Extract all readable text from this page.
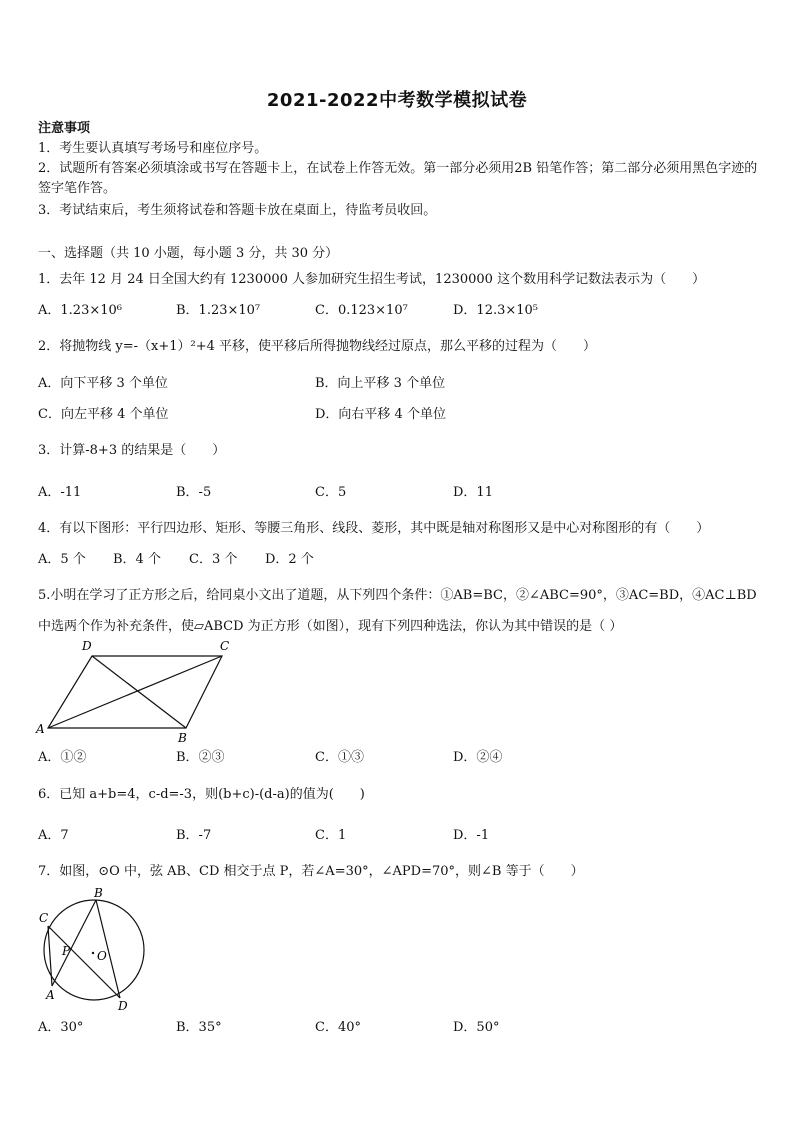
2021-2022中考数学模拟试卷
注意事项
1．考生要认真填写考场号和座位序号。
2．试题所有答案必须填涂或书写在答题卡上，在试卷上作答无效。第一部分必须用2B 铅笔作答；第二部分必须用黑色字迹的签字笔作答。
3．考试结束后，考生须将试卷和答题卡放在桌面上，待监考员收回。
一、选择题（共 10 小题，每小题 3 分，共 30 分）
1．去年 12 月 24 日全国大约有 1230000 人参加研究生招生考试，1230000 这个数用科学记数法表示为（　　）
A．1.23×10⁶	B．1.23×10⁷	C．0.123×10⁷	D．12.3×10⁵
2．将抛物线 y=-（x+1）²+4 平移，使平移后所得抛物线经过原点，那么平移的过程为（　　）
A．向下平移 3 个单位	B．向上平移 3 个单位
C．向左平移 4 个单位	D．向右平移 4 个单位
3．计算-8+3 的结果是（　　）
A．-11	B．-5	C．5	D．11
4．有以下图形：平行四边形、矩形、等腰三角形、线段、菱形，其中既是轴对称图形又是中心对称图形的有（　　）
A．5 个 B．4 个 C．3 个 D．2 个
5.小明在学习了正方形之后，给同桌小文出了道题，从下列四个条件：①AB=BC，②∠ABC=90°，③AC=BD，④AC⊥BD 中选两个作为补充条件，使▱ABCD 为正方形（如图），现有下列四种选法，你认为其中错误的是（ ）
D	C
A
B
A．①②	B．②③	C．①③	D．②④
6．已知 a+b=4，c-d=-3，则(b+c)-(d-a)的值为(　　)
A．7	B．-7	C．1	D．-1
7．如图，⊙O 中，弦 AB、CD 相交于点 P，若∠A=30°，∠APD=70°，则∠B 等于（　　）
B
C
P O
A
D
A．30°	B．35°	C．40°	D．50°
